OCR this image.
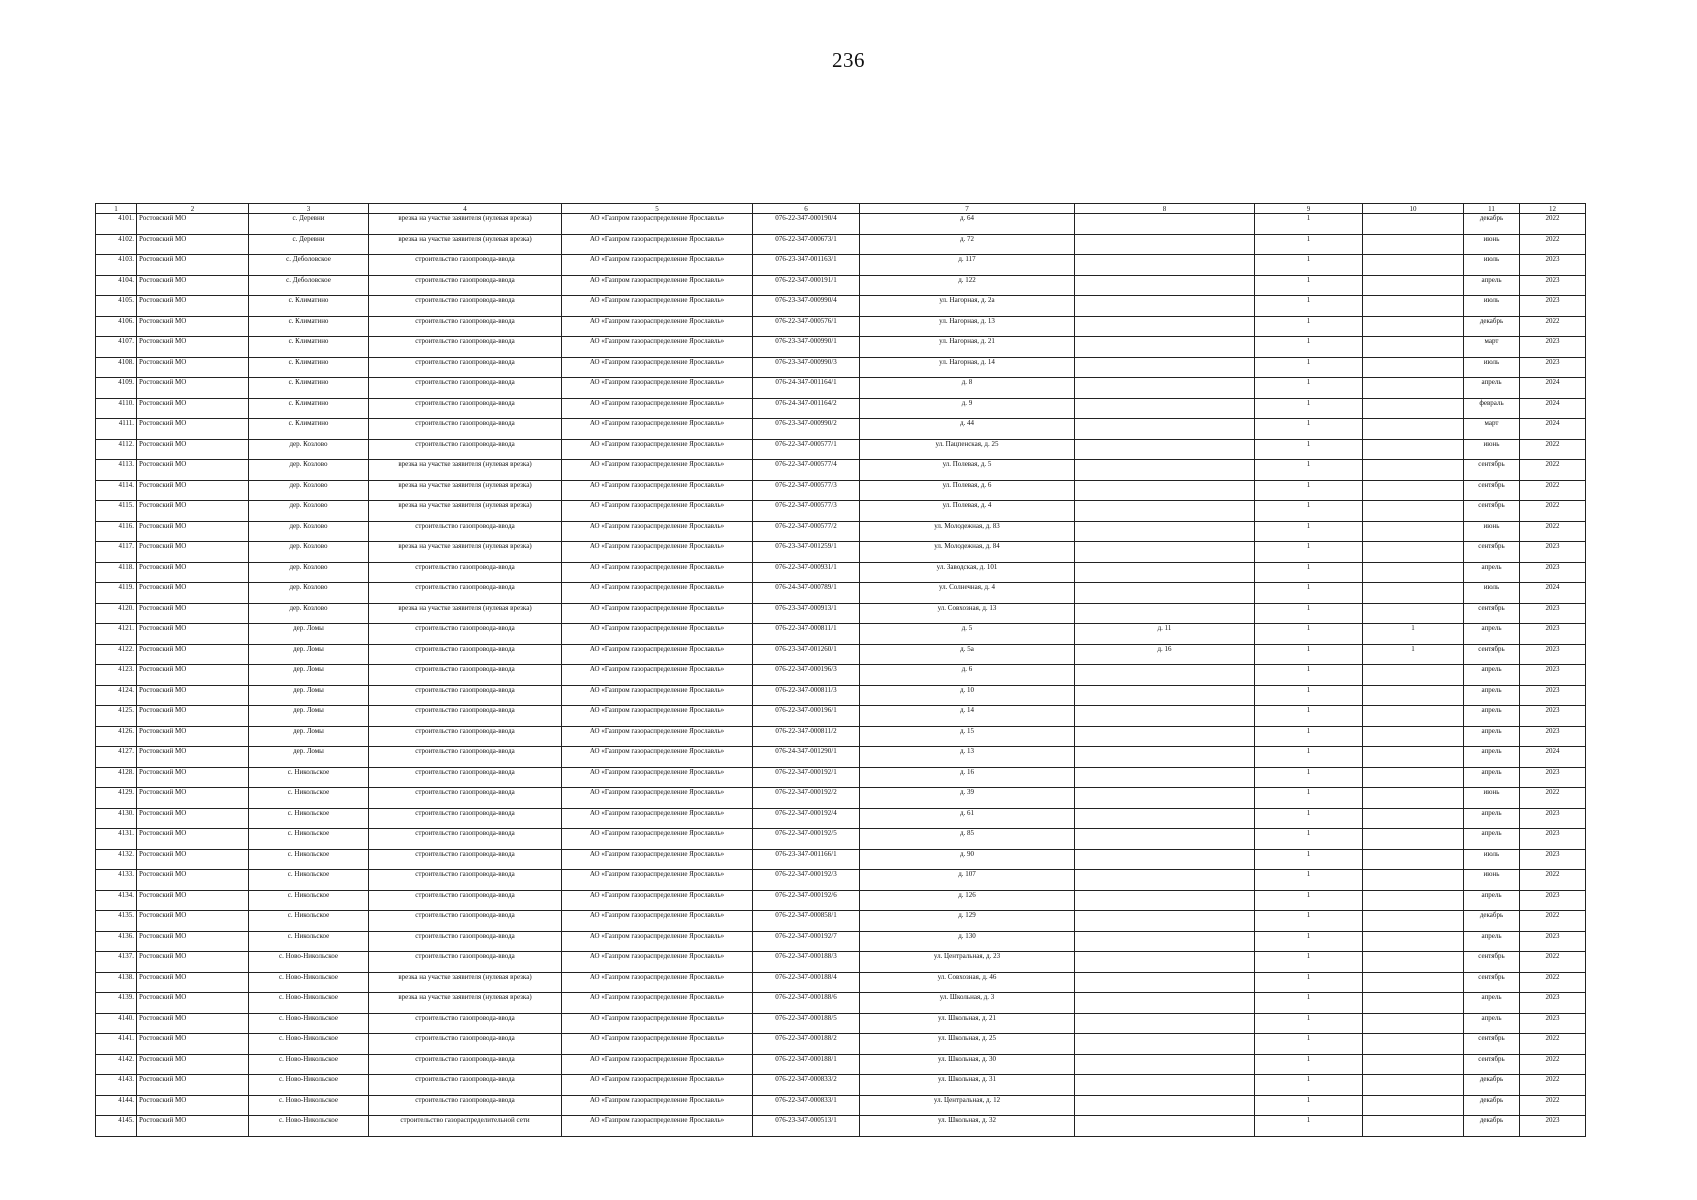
236
1	2	3	4	5	6	7	8	9	10	11	12
4101.	Ростовский МО	с. Деревни	врезка на участке заявителя (нулевая врезка)	АО «Газпром газораспределение Ярославль»	076-22-347-000190/4	д. 64		1		декабрь	2022
4102.	Ростовский МО	с. Деревни	врезка на участке заявителя (нулевая врезка)	АО «Газпром газораспределение Ярославль»	076-22-347-000673/1	д. 72		1		июнь	2022
4103.	Ростовский МО	с. Деболовское	строительство газопровода-ввода	АО «Газпром газораспределение Ярославль»	076-23-347-001163/1	д. 117		1		июль	2023
4104.	Ростовский МО	с. Деболовское	строительство газопровода-ввода	АО «Газпром газораспределение Ярославль»	076-22-347-000191/1	д. 122		1		апрель	2023
4105.	Ростовский МО	с. Климатино	строительство газопровода-ввода	АО «Газпром газораспределение Ярославль»	076-23-347-000990/4	ул. Нагорная, д. 2а		1		июль	2023
4106.	Ростовский МО	с. Климатино	строительство газопровода-ввода	АО «Газпром газораспределение Ярославль»	076-22-347-000576/1	ул. Нагорная, д. 13		1		декабрь	2022
4107.	Ростовский МО	с. Климатино	строительство газопровода-ввода	АО «Газпром газораспределение Ярославль»	076-23-347-000990/1	ул. Нагорная, д. 21		1		март	2023
4108.	Ростовский МО	с. Климатино	строительство газопровода-ввода	АО «Газпром газораспределение Ярославль»	076-23-347-000990/3	ул. Нагорная, д. 14		1		июль	2023
4109.	Ростовский МО	с. Климатино	строительство газопровода-ввода	АО «Газпром газораспределение Ярославль»	076-24-347-001164/1	д. 8		1		апрель	2024
4110.	Ростовский МО	с. Климатино	строительство газопровода-ввода	АО «Газпром газораспределение Ярославль»	076-24-347-001164/2	д. 9		1		февраль	2024
4111.	Ростовский МО	с. Климатино	строительство газопровода-ввода	АО «Газпром газораспределение Ярославль»	076-23-347-000990/2	д. 44		1		март	2024
4112.	Ростовский МО	дер. Козлово	строительство газопровода-ввода	АО «Газпром газораспределение Ярославль»	076-22-347-000577/1	ул. Пацпенская, д. 25		1		июнь	2022
4113.	Ростовский МО	дер. Козлово	врезка на участке заявителя (нулевая врезка)	АО «Газпром газораспределение Ярославль»	076-22-347-000577/4	ул. Полевая, д. 5		1		сентябрь	2022
4114.	Ростовский МО	дер. Козлово	врезка на участке заявителя (нулевая врезка)	АО «Газпром газораспределение Ярославль»	076-22-347-000577/3	ул. Полевая, д. 6		1		сентябрь	2022
4115.	Ростовский МО	дер. Козлово	врезка на участке заявителя (нулевая врезка)	АО «Газпром газораспределение Ярославль»	076-22-347-000577/3	ул. Полевая, д. 4		1		сентябрь	2022
4116.	Ростовский МО	дер. Козлово	строительство газопровода-ввода	АО «Газпром газораспределение Ярославль»	076-22-347-000577/2	ул. Молодежная, д. 83		1		июнь	2022
4117.	Ростовский МО	дер. Козлово	врезка на участке заявителя (нулевая врезка)	АО «Газпром газораспределение Ярославль»	076-23-347-001259/1	ул. Молодежная, д. 84		1		сентябрь	2023
4118.	Ростовский МО	дер. Козлово	строительство газопровода-ввода	АО «Газпром газораспределение Ярославль»	076-22-347-000931/1	ул. Заводская, д. 101		1		апрель	2023
4119.	Ростовский МО	дер. Козлово	строительство газопровода-ввода	АО «Газпром газораспределение Ярославль»	076-24-347-000789/1	ул. Солнечная, д. 4		1		июль	2024
4120.	Ростовский МО	дер. Козлово	врезка на участке заявителя (нулевая врезка)	АО «Газпром газораспределение Ярославль»	076-23-347-000913/1	ул. Совхозная, д. 13		1		сентябрь	2023
4121.	Ростовский МО	дер. Ломы	строительство газопровода-ввода	АО «Газпром газораспределение Ярославль»	076-22-347-000811/1	д. 5	д. 11	1	1	апрель	2023
4122.	Ростовский МО	дер. Ломы	строительство газопровода-ввода	АО «Газпром газораспределение Ярославль»	076-23-347-001260/1	д. 5а	д. 16	1	1	сентябрь	2023
4123.	Ростовский МО	дер. Ломы	строительство газопровода-ввода	АО «Газпром газораспределение Ярославль»	076-22-347-000196/3	д. 6		1		апрель	2023
4124.	Ростовский МО	дер. Ломы	строительство газопровода-ввода	АО «Газпром газораспределение Ярославль»	076-22-347-000811/3	д. 10		1		апрель	2023
4125.	Ростовский МО	дер. Ломы	строительство газопровода-ввода	АО «Газпром газораспределение Ярославль»	076-22-347-000196/1	д. 14		1		апрель	2023
4126.	Ростовский МО	дер. Ломы	строительство газопровода-ввода	АО «Газпром газораспределение Ярославль»	076-22-347-000811/2	д. 15		1		апрель	2023
4127.	Ростовский МО	дер. Ломы	строительство газопровода-ввода	АО «Газпром газораспределение Ярославль»	076-24-347-001290/1	д. 13		1		апрель	2024
4128.	Ростовский МО	с. Никольское	строительство газопровода-ввода	АО «Газпром газораспределение Ярославль»	076-22-347-000192/1	д. 16		1		апрель	2023
4129.	Ростовский МО	с. Никольское	строительство газопровода-ввода	АО «Газпром газораспределение Ярославль»	076-22-347-000192/2	д. 39		1		июнь	2022
4130.	Ростовский МО	с. Никольское	строительство газопровода-ввода	АО «Газпром газораспределение Ярославль»	076-22-347-000192/4	д. 61		1		апрель	2023
4131.	Ростовский МО	с. Никольское	строительство газопровода-ввода	АО «Газпром газораспределение Ярославль»	076-22-347-000192/5	д. 85		1		апрель	2023
4132.	Ростовский МО	с. Никольское	строительство газопровода-ввода	АО «Газпром газораспределение Ярославль»	076-23-347-001166/1	д. 90		1		июль	2023
4133.	Ростовский МО	с. Никольское	строительство газопровода-ввода	АО «Газпром газораспределение Ярославль»	076-22-347-000192/3	д. 107		1		июнь	2022
4134.	Ростовский МО	с. Никольское	строительство газопровода-ввода	АО «Газпром газораспределение Ярославль»	076-22-347-000192/6	д. 126		1		апрель	2023
4135.	Ростовский МО	с. Никольское	строительство газопровода-ввода	АО «Газпром газораспределение Ярославль»	076-22-347-000858/1	д. 129		1		декабрь	2022
4136.	Ростовский МО	с. Никольское	строительство газопровода-ввода	АО «Газпром газораспределение Ярославль»	076-22-347-000192/7	д. 130		1		апрель	2023
4137.	Ростовский МО	с. Ново-Никольское	строительство газопровода-ввода	АО «Газпром газораспределение Ярославль»	076-22-347-000188/3	ул. Центральная, д. 23		1		сентябрь	2022
4138.	Ростовский МО	с. Ново-Никольское	врезка на участке заявителя (нулевая врезка)	АО «Газпром газораспределение Ярославль»	076-22-347-000188/4	ул. Совхозная, д. 46		1		сентябрь	2022
4139.	Ростовский МО	с. Ново-Никольское	врезка на участке заявителя (нулевая врезка)	АО «Газпром газораспределение Ярославль»	076-22-347-000188/6	ул. Школьная, д. 3		1		апрель	2023
4140.	Ростовский МО	с. Ново-Никольское	строительство газопровода-ввода	АО «Газпром газораспределение Ярославль»	076-22-347-000188/5	ул. Школьная, д. 21		1		апрель	2023
4141.	Ростовский МО	с. Ново-Никольское	строительство газопровода-ввода	АО «Газпром газораспределение Ярославль»	076-22-347-000188/2	ул. Школьная, д. 25		1		сентябрь	2022
4142.	Ростовский МО	с. Ново-Никольское	строительство газопровода-ввода	АО «Газпром газораспределение Ярославль»	076-22-347-000188/1	ул. Школьная, д. 30		1		сентябрь	2022
4143.	Ростовский МО	с. Ново-Никольское	строительство газопровода-ввода	АО «Газпром газораспределение Ярославль»	076-22-347-000833/2	ул. Школьная, д. 31		1		декабрь	2022
4144.	Ростовский МО	с. Ново-Никольское	строительство газопровода-ввода	АО «Газпром газораспределение Ярославль»	076-22-347-000833/1	ул. Центральная, д. 12		1		декабрь	2022
4145.	Ростовский МО	с. Ново-Никольское	строительство газораспределительной сети	АО «Газпром газораспределение Ярославль»	076-23-347-000513/1	ул. Школьная, д. 32		1		декабрь	2023
